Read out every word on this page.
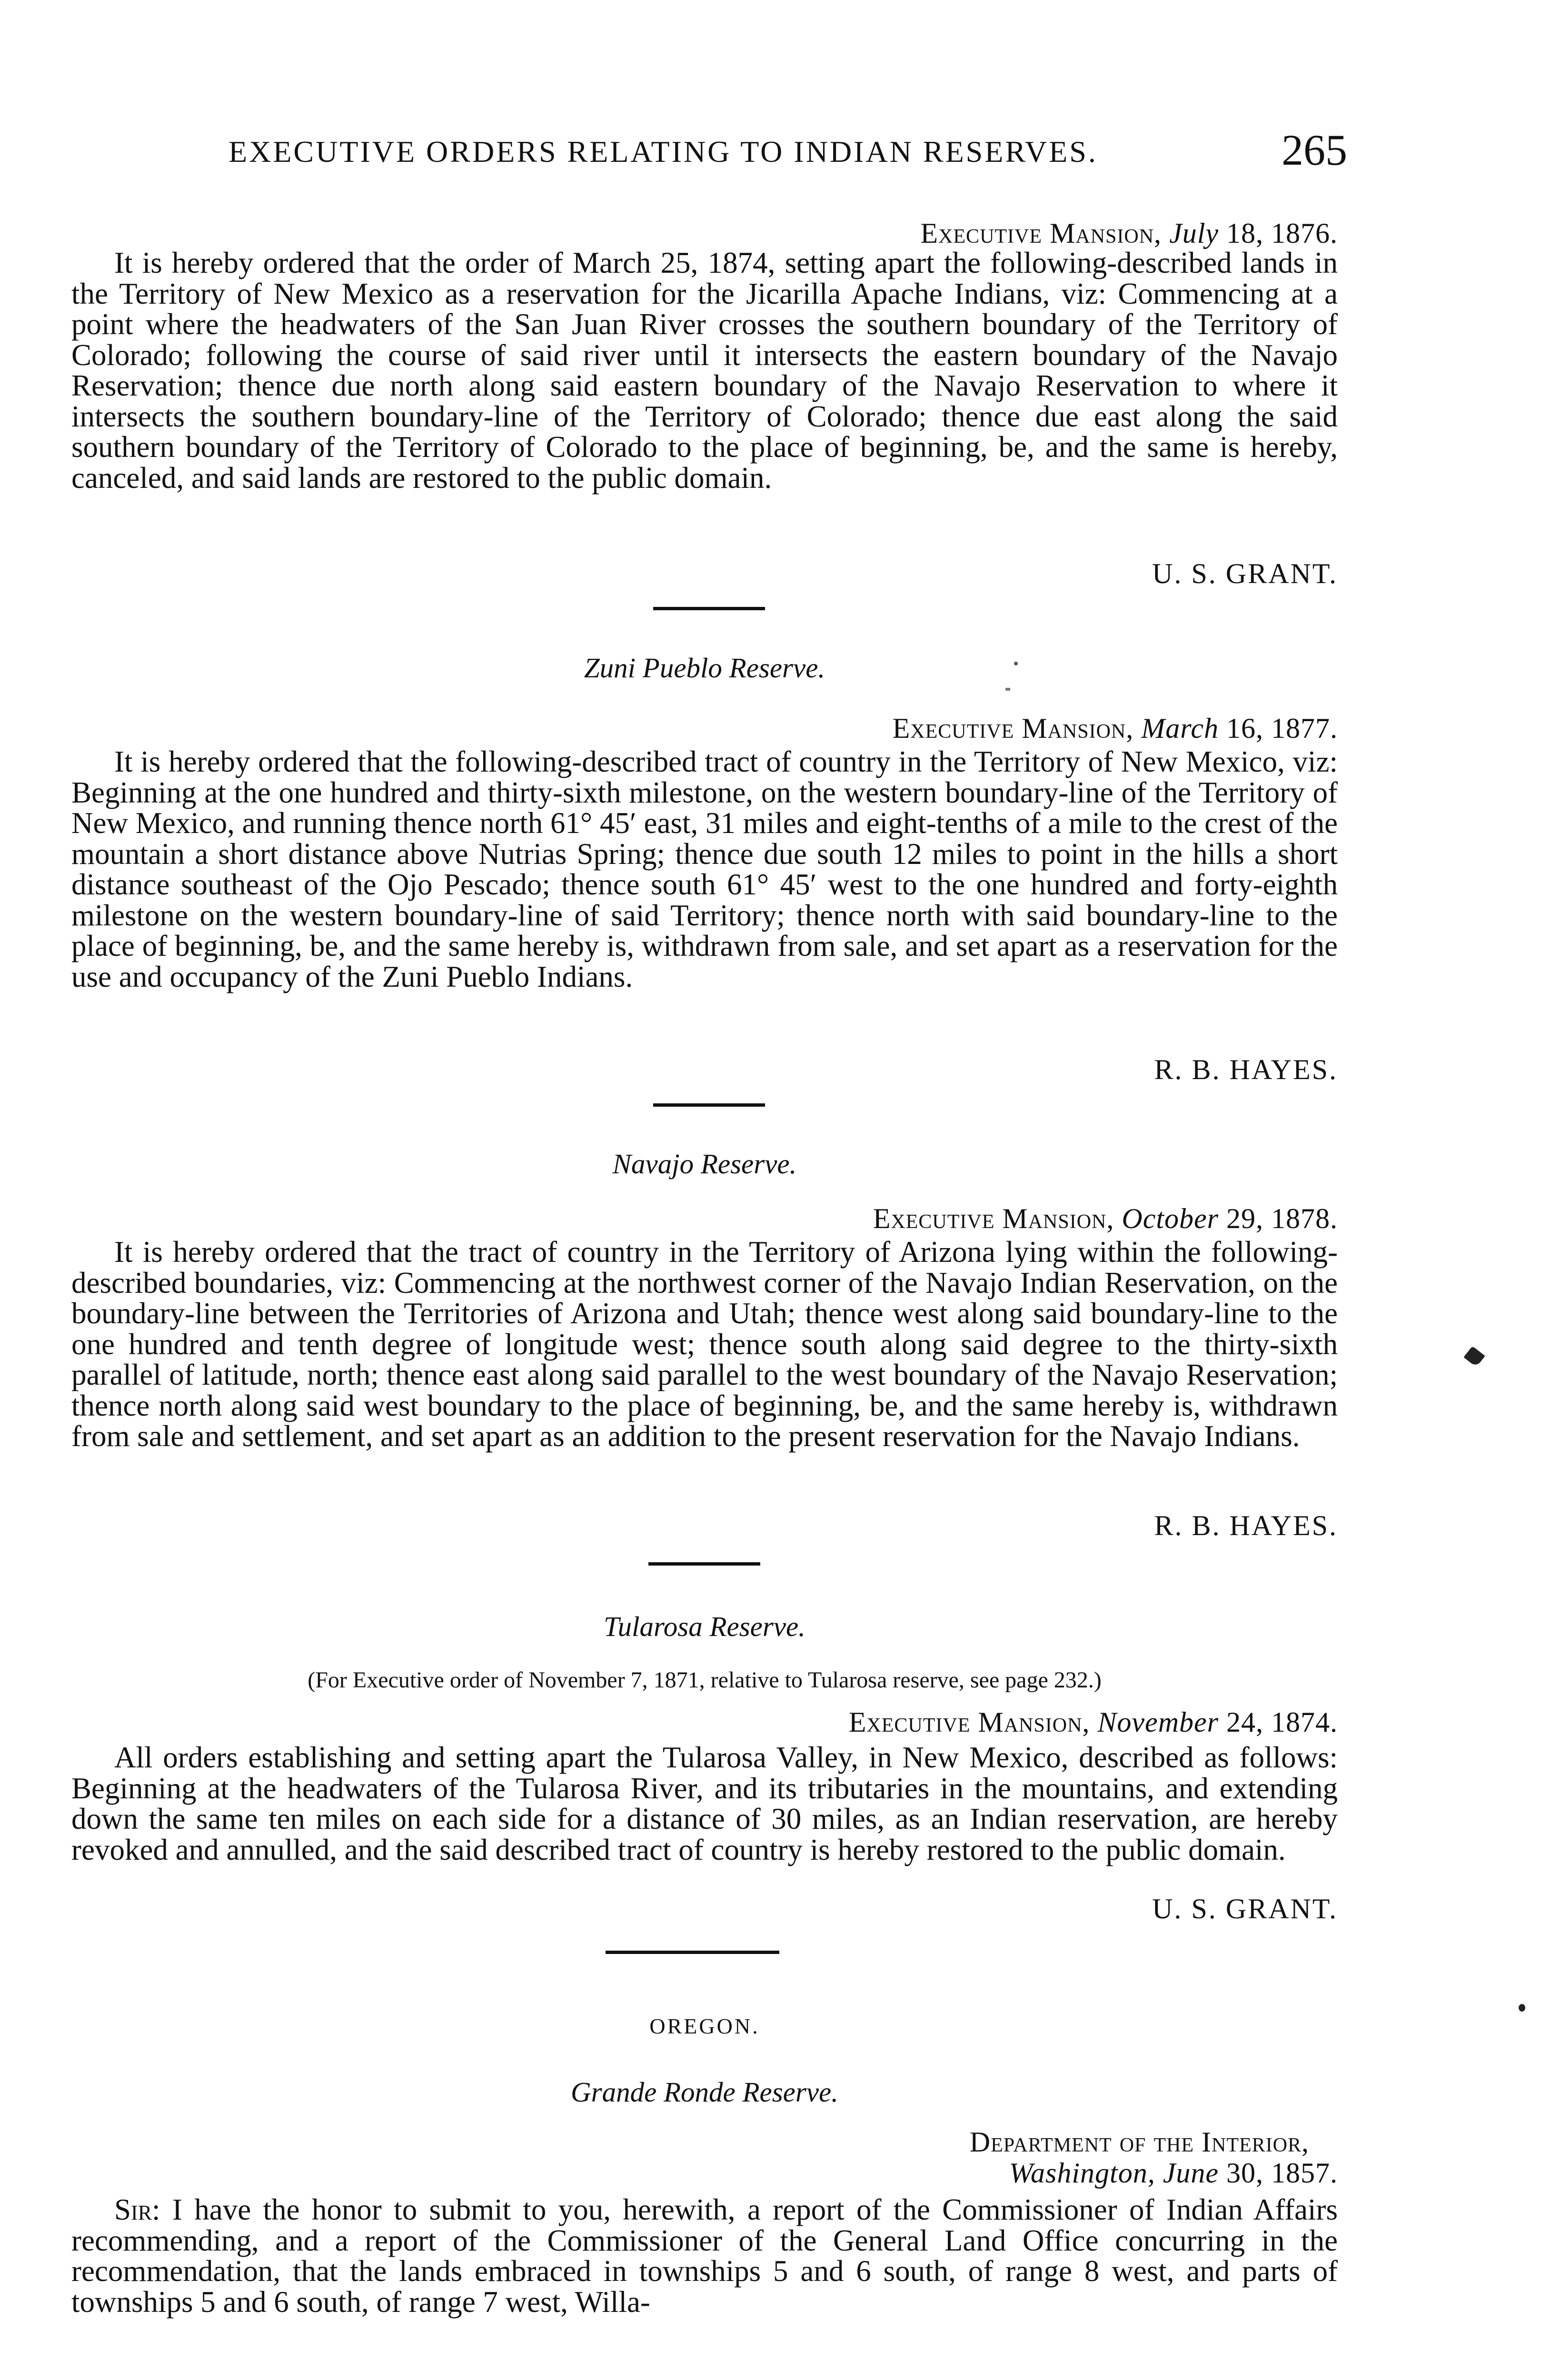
EXECUTIVE ORDERS RELATING TO INDIAN RESERVES.	265
Executive Mansion, July 18, 1876.

It is hereby ordered that the order of March 25, 1874, setting apart the following-described lands in the Territory of New Mexico as a reservation for the Jicarilla Apache Indians, viz: Commencing at a point where the headwaters of the San Juan River crosses the southern boundary of the Territory of Colorado; following the course of said river until it intersects the eastern boundary of the Navajo Reservation; thence due north along said eastern boundary of the Navajo Reservation to where it intersects the southern boundary-line of the Territory of Colorado; thence due east along the said southern boundary of the Territory of Colorado to the place of beginning, be, and the same is hereby, canceled, and said lands are restored to the public domain.

U. S. GRANT.
Zuni Pueblo Reserve.
Executive Mansion, March 16, 1877.

It is hereby ordered that the following-described tract of country in the Territory of New Mexico, viz: Beginning at the one hundred and thirty-sixth milestone, on the western boundary-line of the Territory of New Mexico, and running thence north 61° 45′ east, 31 miles and eight-tenths of a mile to the crest of the mountain a short distance above Nutrias Spring; thence due south 12 miles to point in the hills a short distance southeast of the Ojo Pescado; thence south 61° 45′ west to the one hundred and forty-eighth milestone on the western boundary-line of said Territory; thence north with said boundary-line to the place of beginning, be, and the same hereby is, withdrawn from sale, and set apart as a reservation for the use and occupancy of the Zuni Pueblo Indians.

R. B. HAYES.
Navajo Reserve.
Executive Mansion, October 29, 1878.

It is hereby ordered that the tract of country in the Territory of Arizona lying within the following-described boundaries, viz: Commencing at the northwest corner of the Navajo Indian Reservation, on the boundary-line between the Territories of Arizona and Utah; thence west along said boundary-line to the one hundred and tenth degree of longitude west; thence south along said degree to the thirty-sixth parallel of latitude, north; thence east along said parallel to the west boundary of the Navajo Reservation; thence north along said west boundary to the place of beginning, be, and the same hereby is, withdrawn from sale and settlement, and set apart as an addition to the present reservation for the Navajo Indians.

R. B. HAYES.
Tularosa Reserve.
(For Executive order of November 7, 1871, relative to Tularosa reserve, see page 232.)
Executive Mansion, November 24, 1874.

All orders establishing and setting apart the Tularosa Valley, in New Mexico, described as follows: Beginning at the headwaters of the Tularosa River, and its tributaries in the mountains, and extending down the same ten miles on each side for a distance of 30 miles, as an Indian reservation, are hereby revoked and annulled, and the said described tract of country is hereby restored to the public domain.

U. S. GRANT.
OREGON.
Grande Ronde Reserve.
Department of the Interior,
Washington, June 30, 1857.

Sir: I have the honor to submit to you, herewith, a report of the Commissioner of Indian Affairs recommending, and a report of the Commissioner of the General Land Office concurring in the recommendation, that the lands embraced in townships 5 and 6 south, of range 8 west, and parts of townships 5 and 6 south, of range 7 west, Willa-
